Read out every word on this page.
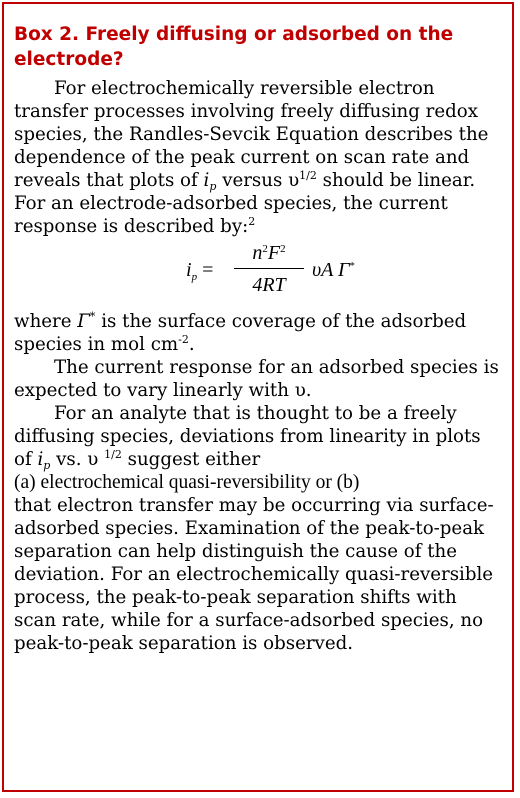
Box 2. Freely diffusing or adsorbed on the electrode?

For electrochemically reversible electron transfer processes involving freely diffusing redox species, the Randles-Sevcik Equation describes the dependence of the peak current on scan rate and reveals that plots of $i_p$ versus $\upsilon^{1/2}$ should be linear. For an electrode-adsorbed species, the current response is described by:$^2$

$i_p$ =
$n^2F^2$
4RT
υA Γ*

where Γ* is the surface coverage of the adsorbed species in mol $cm^{-2}$.

The current response for an adsorbed species is expected to vary linearly with υ.

For an analyte that is thought to be a freely diffusing species, deviations from linearity in plots of $i_p$ vs. υ $^{1/2}$ suggest either

(a) electrochemical quasi-reversibility or (b)

that electron transfer may be occurring via surface-adsorbed species. Examination of the peak-to-peak separation can help distinguish the cause of the deviation. For an electrochemically quasi-reversible process, the peak-to-peak separation shifts with scan rate, while for a surface-adsorbed species, no peak-to-peak separation is observed.
